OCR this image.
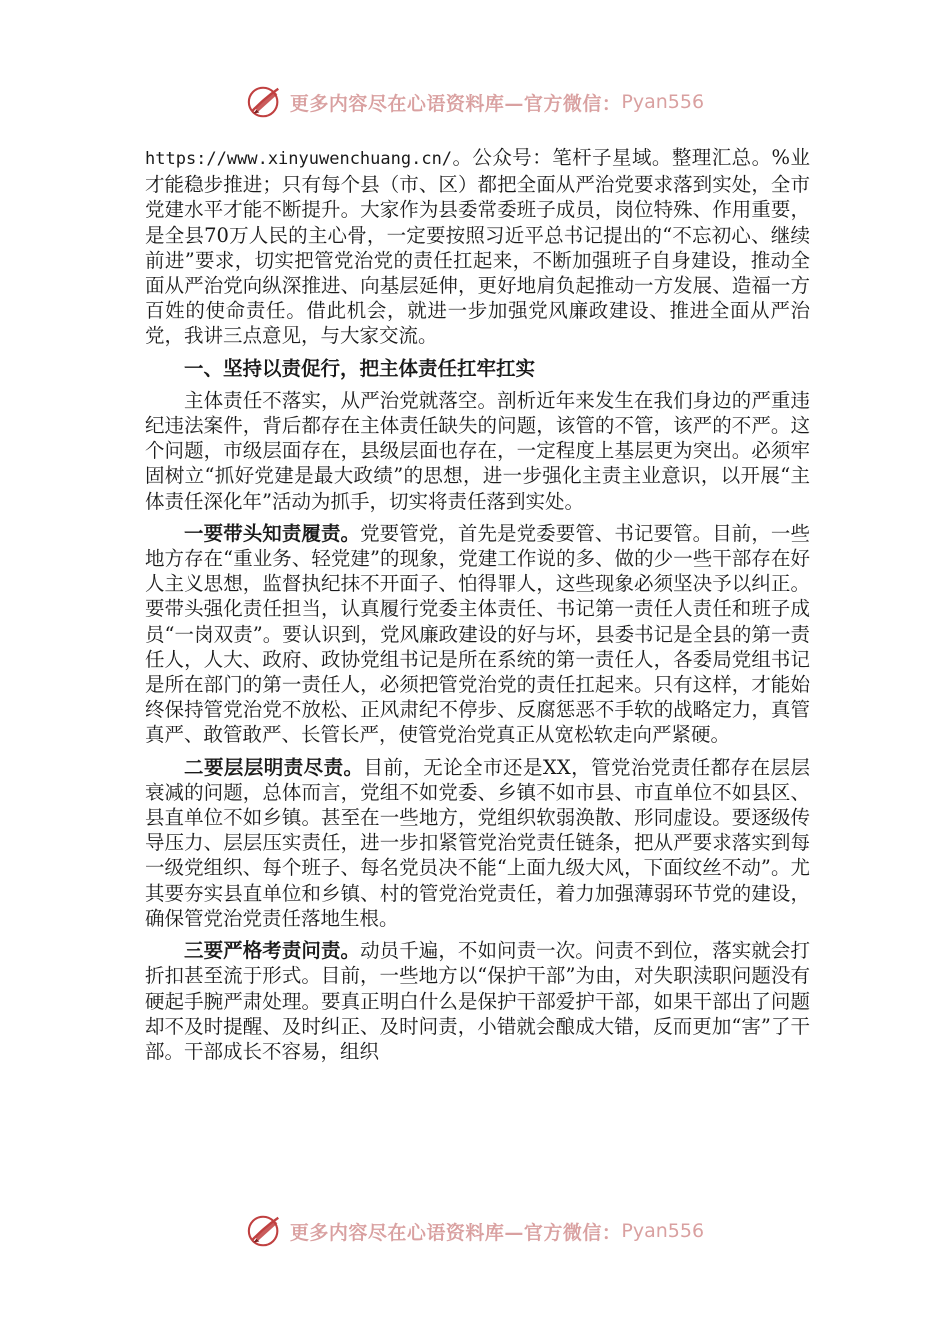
更多内容尽在心语资料库—官方微信： Pyan556

https://www.xinyuwenchuang.cn/。公众号：笔杆子星域。整理汇总。%业才能稳步推进；只有每个县（市、区）都把全面从严治党要求落到实处，全市党建水平才能不断提升。大家作为县委常委班子成员，岗位特殊、作用重要，是全县70万人民的主心骨，一定要按照习近平总书记提出的“不忘初心、继续前进”要求，切实把管党治党的责任扛起来，不断加强班子自身建设，推动全面从严治党向纵深推进、向基层延伸，更好地肩负起推动一方发展、造福一方百姓的使命责任。借此机会，就进一步加强党风廉政建设、推进全面从严治党，我讲三点意见，与大家交流。

一、坚持以责促行，把主体责任扛牢扛实

主体责任不落实，从严治党就落空。剖析近年来发生在我们身边的严重违纪违法案件，背后都存在主体责任缺失的问题，该管的不管，该严的不严。这个问题，市级层面存在，县级层面也存在，一定程度上基层更为突出。必须牢固树立“抓好党建是最大政绩”的思想，进一步强化主责主业意识，以开展“主体责任深化年”活动为抓手，切实将责任落到实处。

一要带头知责履责。党要管党，首先是党委要管、书记要管。目前，一些地方存在“重业务、轻党建”的现象，党建工作说的多、做的少一些干部存在好人主义思想，监督执纪抹不开面子、怕得罪人，这些现象必须坚决予以纠正。要带头强化责任担当，认真履行党委主体责任、书记第一责任人责任和班子成员“一岗双责”。要认识到，党风廉政建设的好与坏，县委书记是全县的第一责任人，人大、政府、政协党组书记是所在系统的第一责任人，各委局党组书记是所在部门的第一责任人，必须把管党治党的责任扛起来。只有这样，才能始终保持管党治党不放松、正风肃纪不停步、反腐惩恶不手软的战略定力，真管真严、敢管敢严、长管长严，使管党治党真正从宽松软走向严紧硬。

二要层层明责尽责。目前，无论全市还是XX，管党治党责任都存在层层衰减的问题，总体而言，党组不如党委、乡镇不如市县、市直单位不如县区、县直单位不如乡镇。甚至在一些地方，党组织软弱涣散、形同虚设。要逐级传导压力、层层压实责任，进一步扣紧管党治党责任链条，把从严要求落实到每一级党组织、每个班子、每名党员决不能“上面九级大风，下面纹丝不动”。尤其要夯实县直单位和乡镇、村的管党治党责任，着力加强薄弱环节党的建设，确保管党治党责任落地生根。

三要严格考责问责。动员千遍，不如问责一次。问责不到位，落实就会打折扣甚至流于形式。目前，一些地方以“保护干部”为由，对失职渎职问题没有硬起手腕严肃处理。要真正明白什么是保护干部爱护干部，如果干部出了问题却不及时提醒、及时纠正、及时问责，小错就会酿成大错，反而更加“害”了干部。干部成长不容易，组织

更多内容尽在心语资料库—官方微信： Pyan556
